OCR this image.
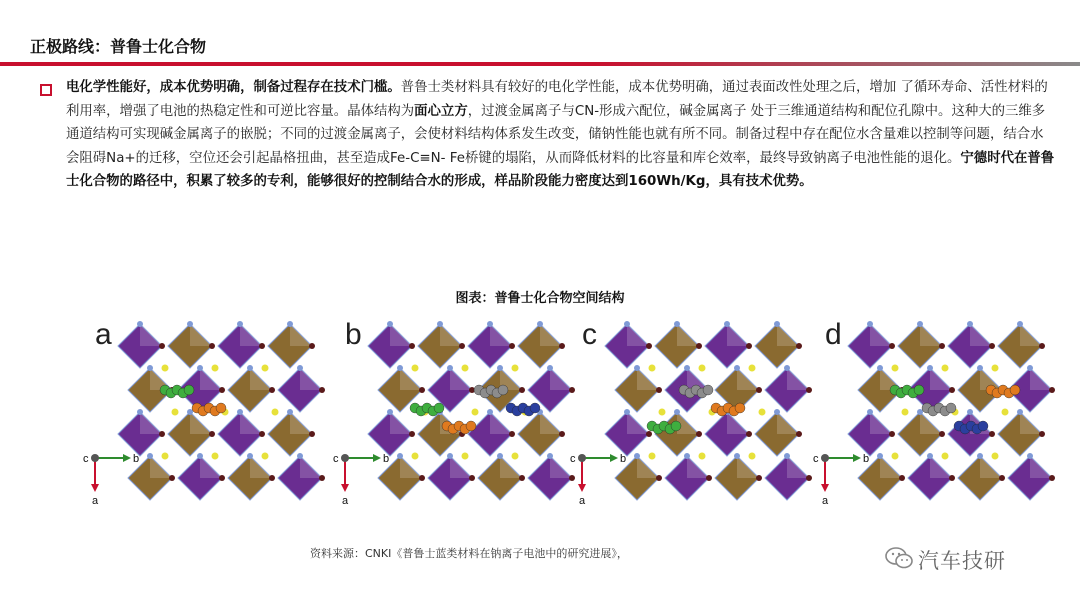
正极路线：普鲁士化合物
电化学性能好，成本优势明确，制备过程存在技术门槛。普鲁士类材料具有较好的电化学性能，成本优势明确，通过表面改性处理之后，增加 了循环寿命、活性材料的利用率，增强了电池的热稳定性和可逆比容量。晶体结构为面心立方，过渡金属离子与CN-形成六配位，碱金属离子 处于三维通道结构和配位孔隙中。这种大的三维多通道结构可实现碱金属离子的嵌脱；不同的过渡金属离子，会使材料结构体系发生改变，储钠性能也就有所不同。制备过程中存在配位水含量难以控制等问题，结合水会阻碍Na+的迁移，空位还会引起晶格扭曲，甚至造成Fe-C≡N- Fe桥键的塌陷，从而降低材料的比容量和库仑效率，最终导致钠离子电池性能的退化。宁德时代在普鲁士化合物的路径中，积累了较多的专利，能够很好的控制结合水的形成，样品阶段能力密度达到160Wh/Kg，具有技术优势。
图表：普鲁士化合物空间结构
a
c	b
a
b
c	b
a
c
c	b
a
d
c	b
a
资料来源：CNKI《普鲁士蓝类材料在钠离子电池中的研究进展》，	汽车技研
